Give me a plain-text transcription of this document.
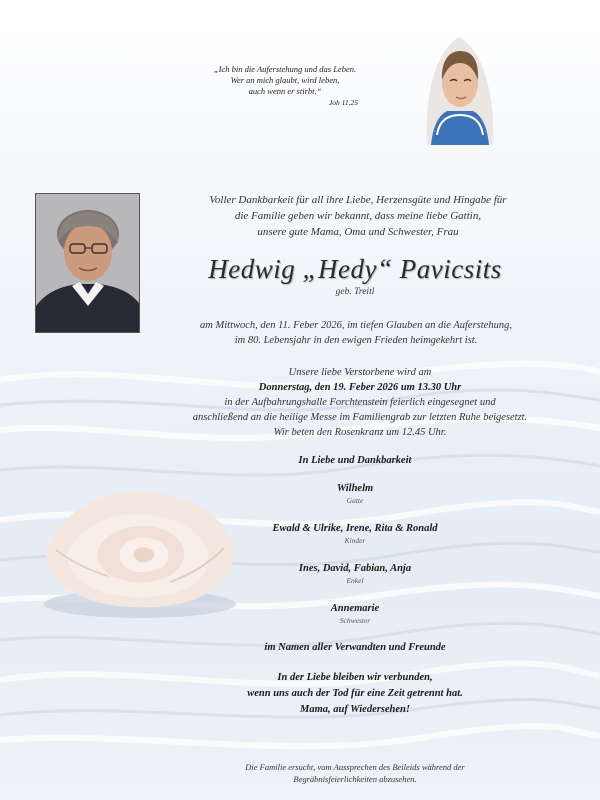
„Ich bin die Auferstehung und das Leben.
Wer an mich glaubt, wird leben,
auch wenn er stirbt.“
Joh 11,25
Voller Dankbarkeit für all ihre Liebe, Herzensgüte und Hingabe für
die Familie geben wir bekannt, dass meine liebe Gattin,
unsere gute Mama, Oma und Schwester, Frau
Hedwig „Hedy“ Pavicsits
geb. Treitl
am Mittwoch, den 11. Feber 2026, im tiefen Glauben an die Auferstehung,
im 80. Lebensjahr in den ewigen Frieden heimgekehrt ist.
Unsere liebe Verstorbene wird am
Donnerstag, den 19. Feber 2026 um 13.30 Uhr
in der Aufbahrungshalle Forchtenstein feierlich eingesegnet und
anschließend an die heilige Messe im Familiengrab zur letzten Ruhe beigesetzt.
Wir beten den Rosenkranz um 12.45 Uhr.
In Liebe und Dankbarkeit
Wilhelm
Gatte
Ewald & Ulrike, Irene, Rita & Ronald
Kinder
Ines, David, Fabian, Anja
Enkel
Annemarie
Schwester
im Namen aller Verwandten und Freunde
In der Liebe bleiben wir verbunden,
wenn uns auch der Tod für eine Zeit getrennt hat.
Mama, auf Wiedersehen!
Die Familie ersucht, vom Aussprechen des Beileids während der
Begräbnisfeierlichkeiten abzusehen.
